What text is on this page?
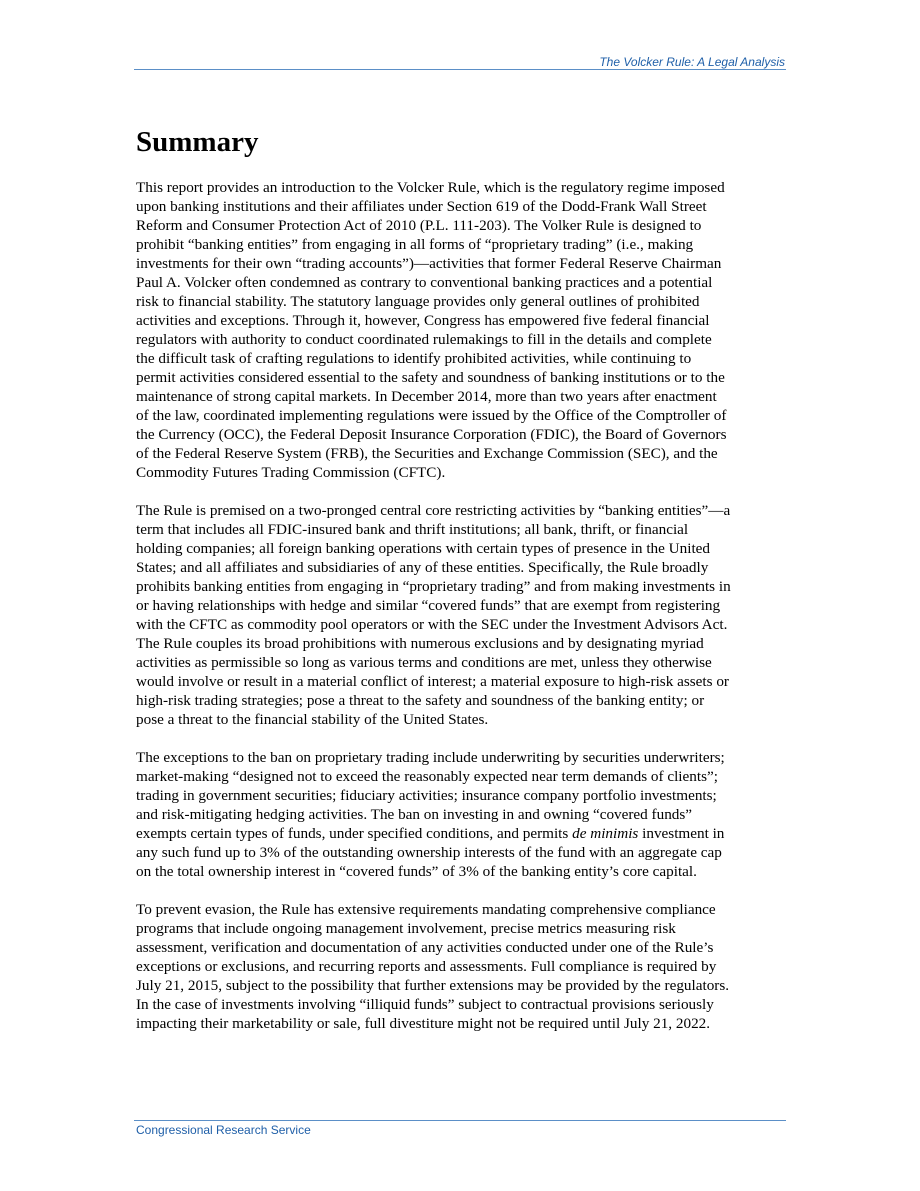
The Volcker Rule: A Legal Analysis
Summary

This report provides an introduction to the Volcker Rule, which is the regulatory regime imposed
upon banking institutions and their affiliates under Section 619 of the Dodd-Frank Wall Street
Reform and Consumer Protection Act of 2010 (P.L. 111-203). The Volker Rule is designed to
prohibit “banking entities” from engaging in all forms of “proprietary trading” (i.e., making
investments for their own “trading accounts”)—activities that former Federal Reserve Chairman
Paul A. Volcker often condemned as contrary to conventional banking practices and a potential
risk to financial stability. The statutory language provides only general outlines of prohibited
activities and exceptions. Through it, however, Congress has empowered five federal financial
regulators with authority to conduct coordinated rulemakings to fill in the details and complete
the difficult task of crafting regulations to identify prohibited activities, while continuing to
permit activities considered essential to the safety and soundness of banking institutions or to the
maintenance of strong capital markets. In December 2014, more than two years after enactment
of the law, coordinated implementing regulations were issued by the Office of the Comptroller of
the Currency (OCC), the Federal Deposit Insurance Corporation (FDIC), the Board of Governors
of the Federal Reserve System (FRB), the Securities and Exchange Commission (SEC), and the
Commodity Futures Trading Commission (CFTC).

The Rule is premised on a two-pronged central core restricting activities by “banking entities”—a
term that includes all FDIC-insured bank and thrift institutions; all bank, thrift, or financial
holding companies; all foreign banking operations with certain types of presence in the United
States; and all affiliates and subsidiaries of any of these entities. Specifically, the Rule broadly
prohibits banking entities from engaging in “proprietary trading” and from making investments in
or having relationships with hedge and similar “covered funds” that are exempt from registering
with the CFTC as commodity pool operators or with the SEC under the Investment Advisors Act.
The Rule couples its broad prohibitions with numerous exclusions and by designating myriad
activities as permissible so long as various terms and conditions are met, unless they otherwise
would involve or result in a material conflict of interest; a material exposure to high-risk assets or
high-risk trading strategies; pose a threat to the safety and soundness of the banking entity; or
pose a threat to the financial stability of the United States.

The exceptions to the ban on proprietary trading include underwriting by securities underwriters;
market-making “designed not to exceed the reasonably expected near term demands of clients”;
trading in government securities; fiduciary activities; insurance company portfolio investments;
and risk-mitigating hedging activities. The ban on investing in and owning “covered funds”
exempts certain types of funds, under specified conditions, and permits de minimis investment in
any such fund up to 3% of the outstanding ownership interests of the fund with an aggregate cap
on the total ownership interest in “covered funds” of 3% of the banking entity’s core capital.

To prevent evasion, the Rule has extensive requirements mandating comprehensive compliance
programs that include ongoing management involvement, precise metrics measuring risk
assessment, verification and documentation of any activities conducted under one of the Rule’s
exceptions or exclusions, and recurring reports and assessments. Full compliance is required by
July 21, 2015, subject to the possibility that further extensions may be provided by the regulators.
In the case of investments involving “illiquid funds” subject to contractual provisions seriously
impacting their marketability or sale, full divestiture might not be required until July 21, 2022.

Congressional Research Service
